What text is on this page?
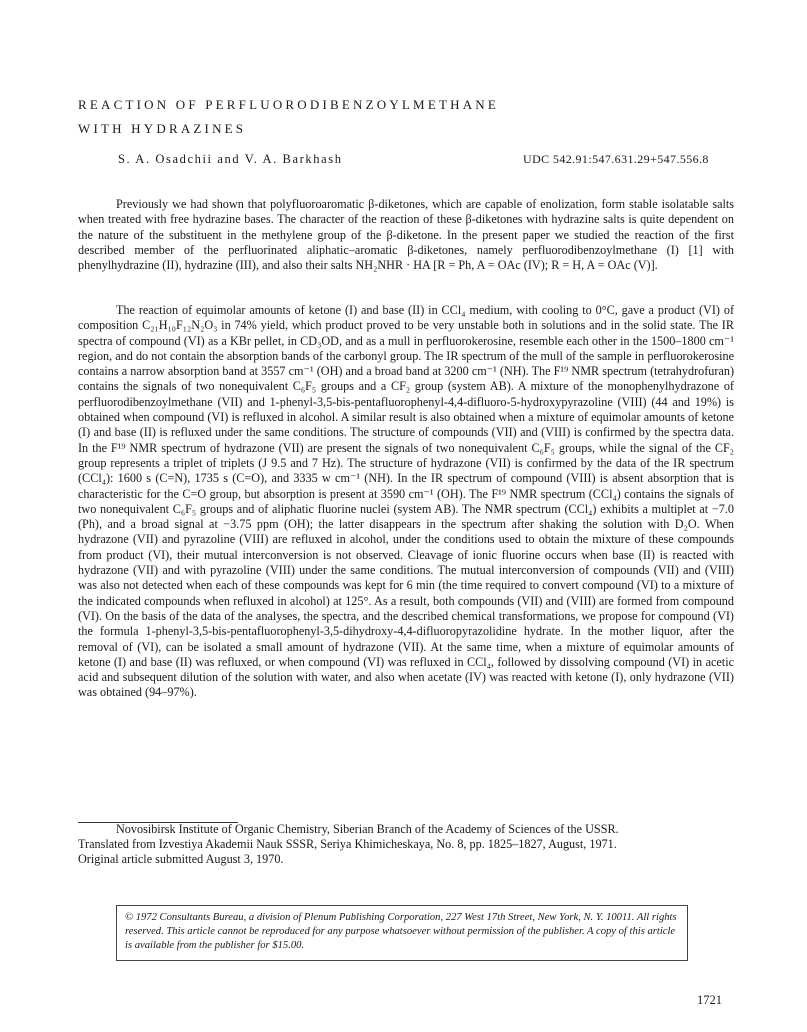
REACTION OF PERFLUORODIBENZOYLMETHANE
WITH HYDRAZINES
S. A. Osadchii and V. A. Barkhash	UDC 542.91:547.631.29+547.556.8

Previously we had shown that polyfluoroaromatic β-diketones, which are capable of enolization, form stable isolatable salts when treated with free hydrazine bases. The character of the reaction of these β-diketones with hydrazine salts is quite dependent on the nature of the substituent in the methylene group of the β-diketone. In the present paper we studied the reaction of the first described member of the perfluorinated aliphatic–aromatic β-diketones, namely perfluorodibenzoylmethane (I) [1] with phenylhydrazine (II), hydrazine (III), and also their salts NH₂NHR · HA [R = Ph, A = OAc (IV); R = H, A = OAc (V)].

The reaction of equimolar amounts of ketone (I) and base (II) in CCl₄ medium, with cooling to 0°C, gave a product (VI) of composition C₂₁H₁₀F₁₂N₂O₃ in 74% yield, which product proved to be very unstable both in solutions and in the solid state. The IR spectra of compound (VI) as a KBr pellet, in CD₃OD, and as a mull in perfluorokerosine, resemble each other in the 1500–1800 cm⁻¹ region, and do not contain the absorption bands of the carbonyl group. The IR spectrum of the mull of the sample in perfluorokerosine contains a narrow absorption band at 3557 cm⁻¹ (OH) and a broad band at 3200 cm⁻¹ (NH). The F¹⁹ NMR spectrum (tetrahydrofuran) contains the signals of two nonequivalent C₆F₅ groups and a CF₂ group (system AB). A mixture of the monophenylhydrazone of perfluorodibenzoylmethane (VII) and 1-phenyl-3,5-bis-pentafluorophenyl-4,4-difluoro-5-hydroxypyrazoline (VIII) (44 and 19%) is obtained when compound (VI) is refluxed in alcohol. A similar result is also obtained when a mixture of equimolar amounts of ketone (I) and base (II) is refluxed under the same conditions. The structure of compounds (VII) and (VIII) is confirmed by the spectra data. In the F¹⁹ NMR spectrum of hydrazone (VII) are present the signals of two nonequivalent C₆F₅ groups, while the signal of the CF₂ group represents a triplet of triplets (J 9.5 and 7 Hz). The structure of hydrazone (VII) is confirmed by the data of the IR spectrum (CCl₄): 1600 s (C=N), 1735 s (C=O), and 3335 w cm⁻¹ (NH). In the IR spectrum of compound (VIII) is absent absorption that is characteristic for the C=O group, but absorption is present at 3590 cm⁻¹ (OH). The F¹⁹ NMR spectrum (CCl₄) contains the signals of two nonequivalent C₆F₅ groups and of aliphatic fluorine nuclei (system AB). The NMR spectrum (CCl₄) exhibits a multiplet at −7.0 (Ph), and a broad signal at −3.75 ppm (OH); the latter disappears in the spectrum after shaking the solution with D₂O. When hydrazone (VII) and pyrazoline (VIII) are refluxed in alcohol, under the conditions used to obtain the mixture of these compounds from product (VI), their mutual interconversion is not observed. Cleavage of ionic fluorine occurs when base (II) is reacted with hydrazone (VII) and with pyrazoline (VIII) under the same conditions. The mutual interconversion of compounds (VII) and (VIII) was also not detected when each of these compounds was kept for 6 min (the time required to convert compound (VI) to a mixture of the indicated compounds when refluxed in alcohol) at 125°. As a result, both compounds (VII) and (VIII) are formed from compound (VI). On the basis of the data of the analyses, the spectra, and the described chemical transformations, we propose for compound (VI) the formula 1-phenyl-3,5-bis-pentafluorophenyl-3,5-dihydroxy-4,4-difluoropyrazolidine hydrate. In the mother liquor, after the removal of (VI), can be isolated a small amount of hydrazone (VII). At the same time, when a mixture of equimolar amounts of ketone (I) and base (II) was refluxed, or when compound (VI) was refluxed in CCl₄, followed by dissolving compound (VI) in acetic acid and subsequent dilution of the solution with water, and also when acetate (IV) was reacted with ketone (I), only hydrazone (VII) was obtained (94–97%).

Novosibirsk Institute of Organic Chemistry, Siberian Branch of the Academy of Sciences of the USSR.
Translated from Izvestiya Akademii Nauk SSSR, Seriya Khimicheskaya, No. 8, pp. 1825–1827, August, 1971.
Original article submitted August 3, 1970.
© 1972 Consultants Bureau, a division of Plenum Publishing Corporation, 227 West 17th Street, New York, N. Y. 10011. All rights reserved. This article cannot be reproduced for any purpose whatsoever without permission of the publisher. A copy of this article is available from the publisher for $15.00.
1721
